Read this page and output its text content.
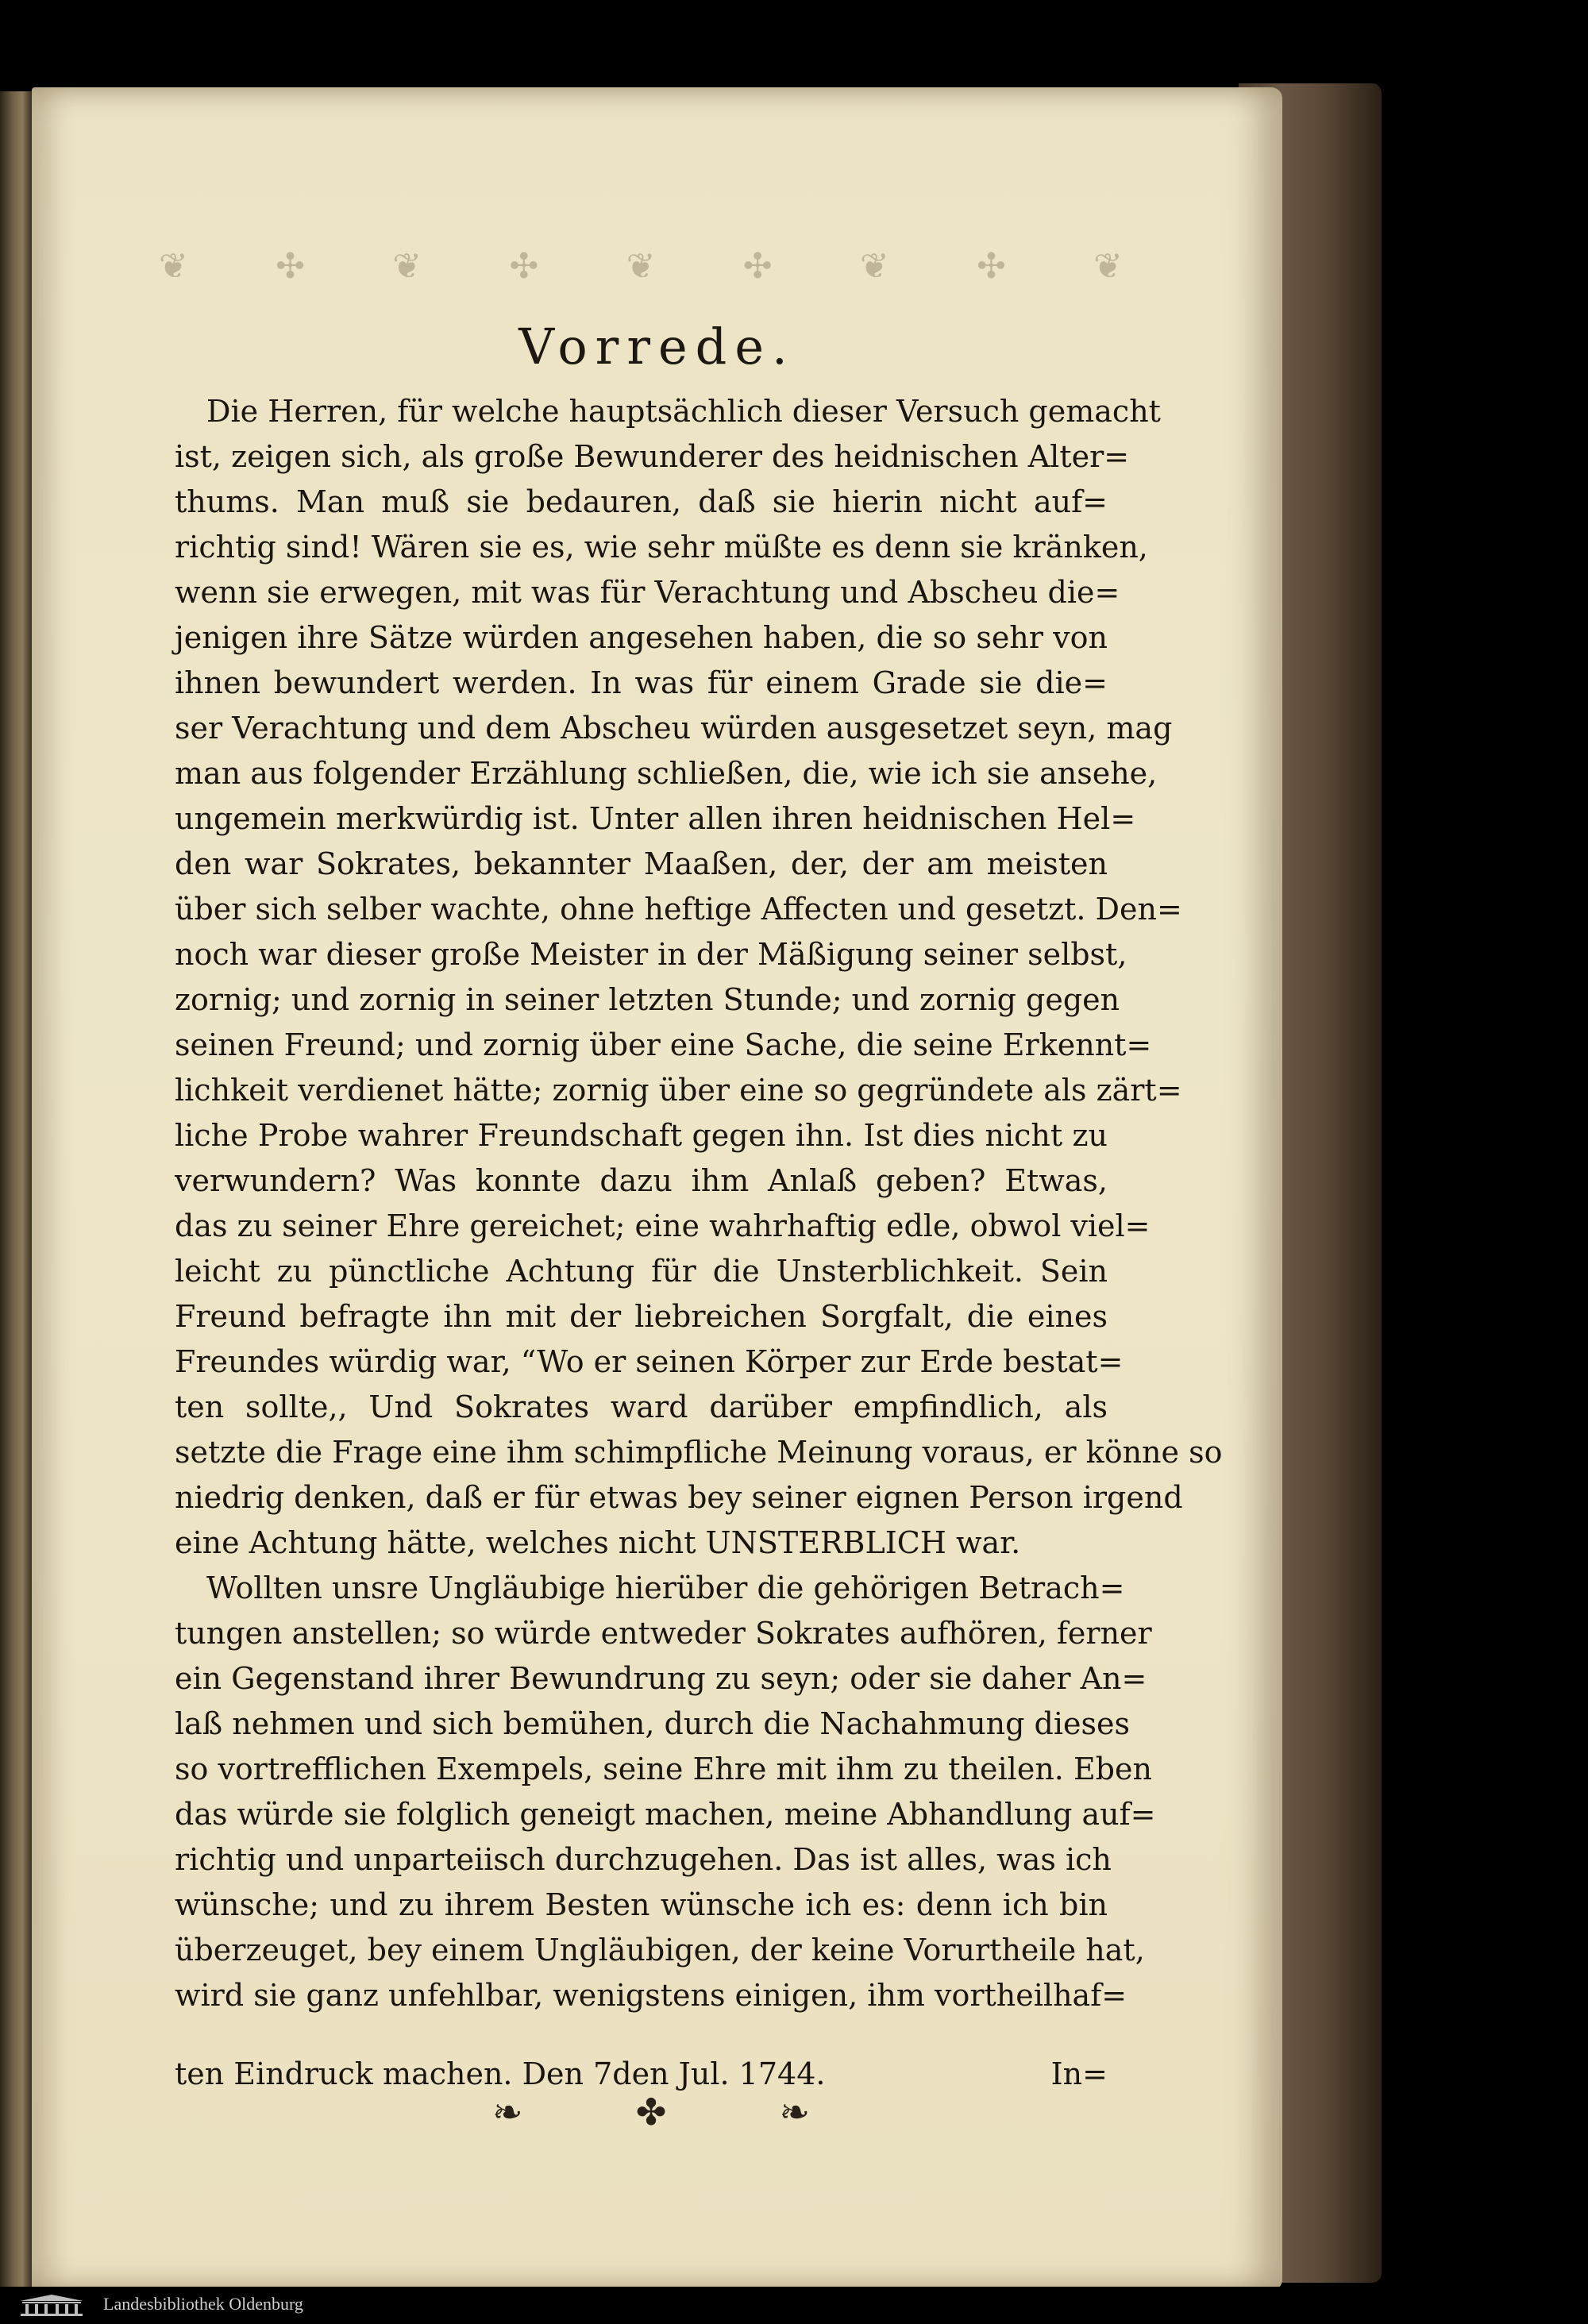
❦ ✣ ❦ ✣ ❦ ✣ ❦ ✣ ❦
Vorrede.
Die Herren, für welche hauptsächlich dieser Versuch gemacht
ist, zeigen sich, als große Bewunderer des heidnischen Alter=
thums. Man muß sie bedauren, daß sie hierin nicht auf=
richtig sind! Wären sie es, wie sehr müßte es denn sie kränken,
wenn sie erwegen, mit was für Verachtung und Abscheu die=
jenigen ihre Sätze würden angesehen haben, die so sehr von
ihnen bewundert werden. In was für einem Grade sie die=
ser Verachtung und dem Abscheu würden ausgesetzet seyn, mag
man aus folgender Erzählung schließen, die, wie ich sie ansehe,
ungemein merkwürdig ist. Unter allen ihren heidnischen Hel=
den war Sokrates, bekannter Maaßen, der, der am meisten
über sich selber wachte, ohne heftige Affecten und gesetzt. Den=
noch war dieser große Meister in der Mäßigung seiner selbst,
zornig; und zornig in seiner letzten Stunde; und zornig gegen
seinen Freund; und zornig über eine Sache, die seine Erkennt=
lichkeit verdienet hätte; zornig über eine so gegründete als zärt=
liche Probe wahrer Freundschaft gegen ihn. Ist dies nicht zu
verwundern? Was konnte dazu ihm Anlaß geben? Etwas,
das zu seiner Ehre gereichet; eine wahrhaftig edle, obwol viel=
leicht zu pünctliche Achtung für die Unsterblichkeit. Sein
Freund befragte ihn mit der liebreichen Sorgfalt, die eines
Freundes würdig war, “Wo er seinen Körper zur Erde bestat=
ten sollte,, Und Sokrates ward darüber empfindlich, als
setzte die Frage eine ihm schimpfliche Meinung voraus, er könne so
niedrig denken, daß er für etwas bey seiner eignen Person irgend
eine Achtung hätte, welches nicht UNSTERBLICH war.
Wollten unsre Ungläubige hierüber die gehörigen Betrach=
tungen anstellen; so würde entweder Sokrates aufhören, ferner
ein Gegenstand ihrer Bewundrung zu seyn; oder sie daher An=
laß nehmen und sich bemühen, durch die Nachahmung dieses
so vortrefflichen Exempels, seine Ehre mit ihm zu theilen. Eben
das würde sie folglich geneigt machen, meine Abhandlung auf=
richtig und unparteiisch durchzugehen. Das ist alles, was ich
wünsche; und zu ihrem Besten wünsche ich es: denn ich bin
überzeuget, bey einem Ungläubigen, der keine Vorurtheile hat,
wird sie ganz unfehlbar, wenigstens einigen, ihm vortheilhaf=
ten Eindruck machen. Den 7den Jul. 1744.	In=
❧	✤	❧
Landesbibliothek Oldenburg
